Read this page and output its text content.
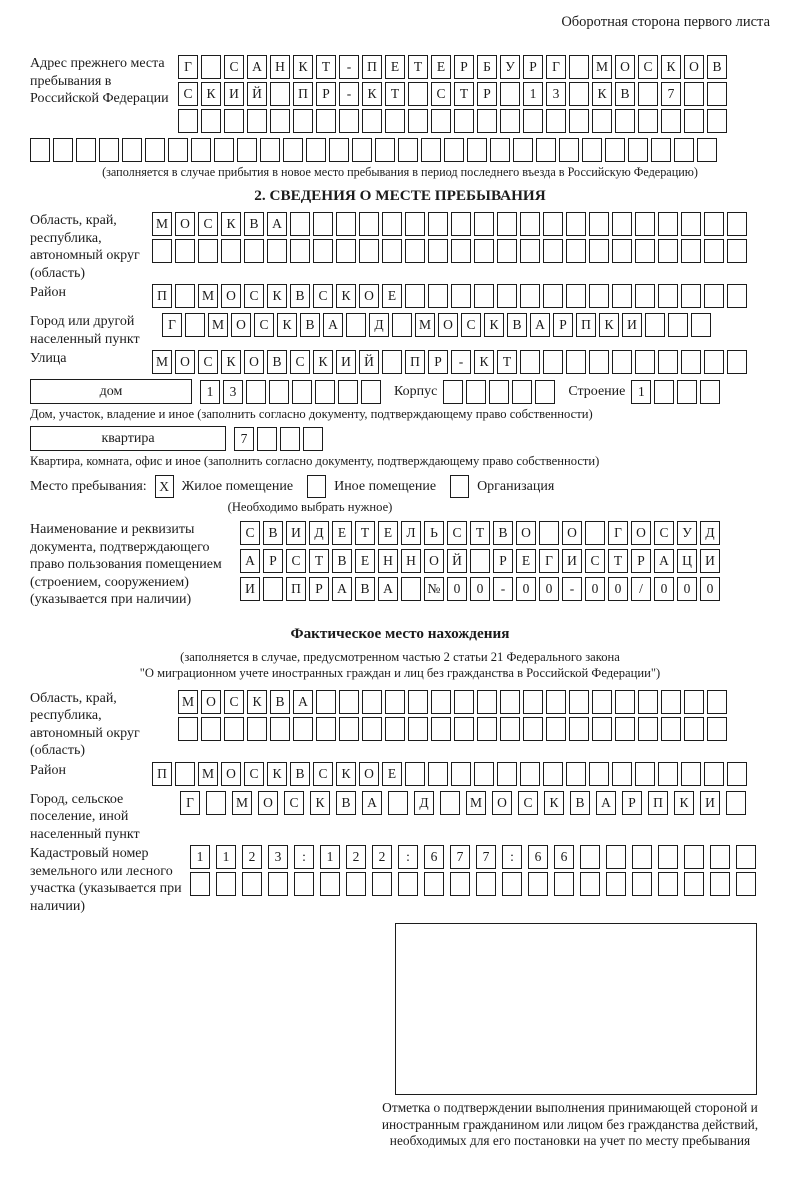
Оборотная сторона первого листа
Адрес прежнего места пребывания в Российской Федерации
Г	С	А Н	К	Т	-	П	Е	Т	Е	Р	Б	У	Р	Г	М О	С	К	О	В
С	К	И Й	П	Р	-	К	Т	С	Т	Р	1	3	К	В	7
(заполняется в случае прибытия в новое место пребывания в период последнего въезда в Российскую Федерацию)
2. СВЕДЕНИЯ О МЕСТЕ ПРЕБЫВАНИЯ
Область, край, республика, автономный округ (область)
М О	С	К	В	А
Район	П	М О	С	К	В	С	К	О	Е
Город или другой населенный пункт
Г	М О	С	К	В	А	Д	М О	С	К	В	А	Р	П	К	И
Улица	М О	С	К	О	В	С	К	И Й	П	Р	-	К	Т
дом	1	3	Корпус	Строение 1
Дом, участок, владение и иное (заполнить согласно документу, подтверждающему право собственности)
квартира	7
Квартира, комната, офис и иное (заполнить согласно документу, подтверждающему право собственности)
Место пребывания: X Жилое помещение	Иное помещение	Организация
(Необходимо выбрать нужное)
Наименование и реквизиты документа, подтверждающего право пользования помещением (строением, сооружением) (указывается при наличии)
С	В	И	Д	Е	Т	Е	Л	Ь	С	Т	В	О	О	Г	О	С	У	Д
А	Р	С	Т	В	Е	Н Н О Й	Р	Е	Г	И	С	Т	Р	А Ц И
И	П	Р	А	В	А	№ 0	0	-	0	0	-	0	0	/	0	0	0
Фактическое место нахождения
(заполняется в случае, предусмотренном частью 2 статьи 21 Федерального закона
"О миграционном учете иностранных граждан и лиц без гражданства в Российской Федерации")
Область, край, республика, автономный округ (область)
М О	С	К	В	А
Район	П	М О	С	К	В	С	К	О	Е
Город, сельское поселение, иной населенный пункт
Г	М	О	С	К	В	А	Д	М	О	С	К	В	А	Р	П	К	И
Кадастровый номер земельного или лесного участка (указывается при наличии)
1	1	2	3	:	1	2	2	:	6	7	7	:	6	6
Отметка о подтверждении выполнения принимающей стороной и иностранным гражданином или лицом без гражданства действий, необходимых для его постановки на учет по месту пребывания
